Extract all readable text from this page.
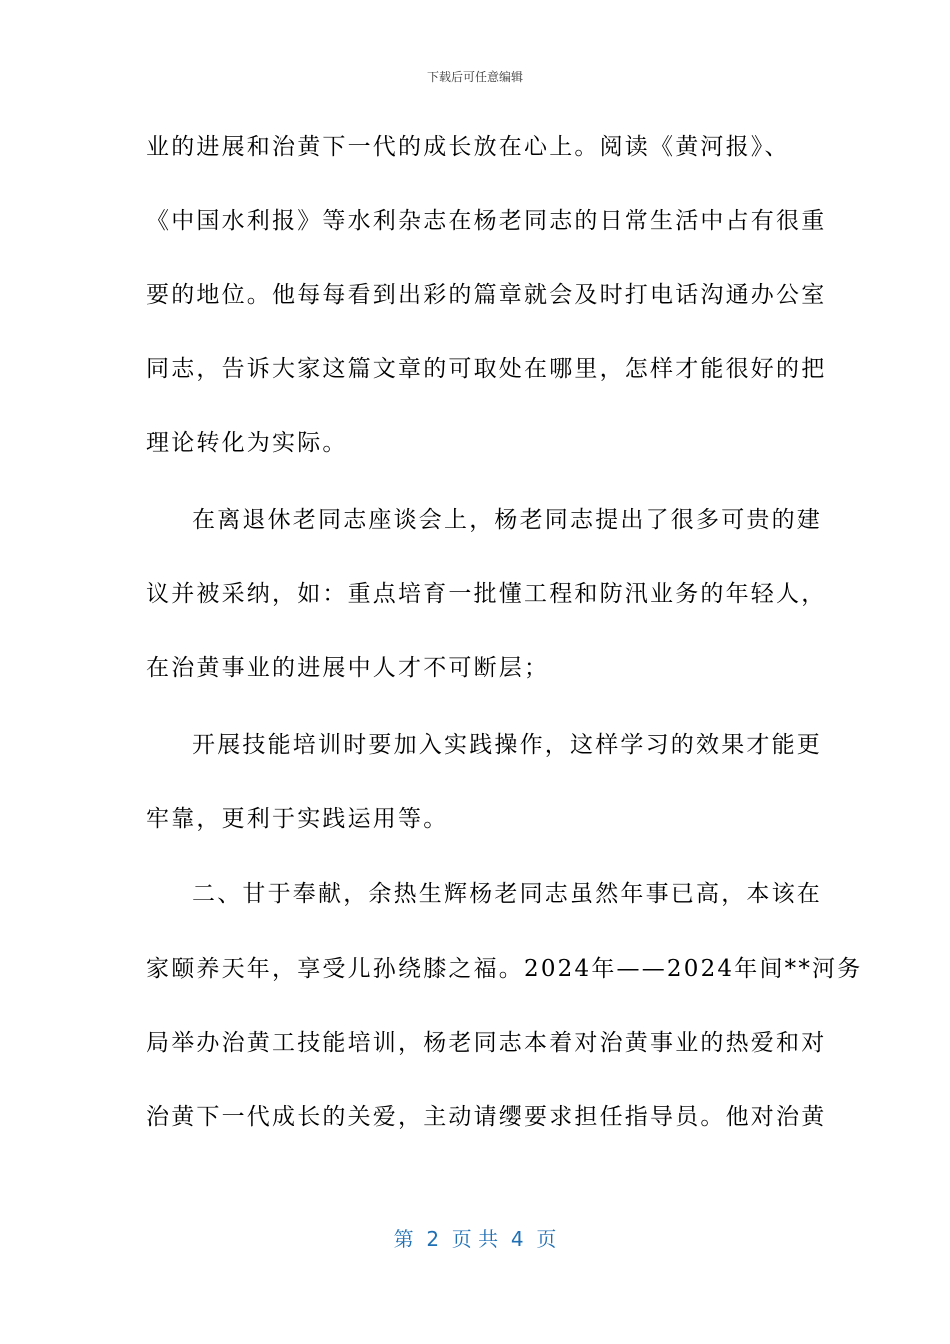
下载后可任意编辑
业的进展和治黄下一代的成长放在心上。阅读《黄河报》、
《中国水利报》等水利杂志在杨老同志的日常生活中占有很重
要的地位。他每每看到出彩的篇章就会及时打电话沟通办公室
同志，告诉大家这篇文章的可取处在哪里，怎样才能很好的把
理论转化为实际。
在离退休老同志座谈会上，杨老同志提出了很多可贵的建
议并被采纳，如：重点培育一批懂工程和防汛业务的年轻人，
在治黄事业的进展中人才不可断层；
开展技能培训时要加入实践操作，这样学习的效果才能更
牢靠，更利于实践运用等。
二、甘于奉献，余热生辉杨老同志虽然年事已高，本该在
家颐养天年，享受儿孙绕膝之福。2024年——2024年间**河务
局举办治黄工技能培训，杨老同志本着对治黄事业的热爱和对
治黄下一代成长的关爱，主动请缨要求担任指导员。他对治黄
第  2  页 共  4  页
